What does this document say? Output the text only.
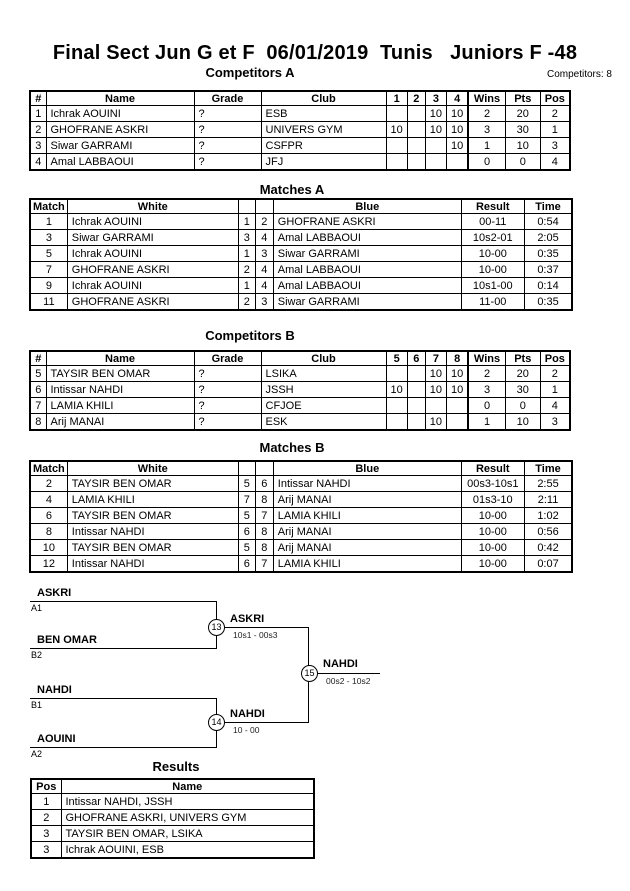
Final Sect Jun G et F  06/01/2019  Tunis   Juniors F -48
Competitors A	Competitors: 8
#	Name	Grade	Club	1	2	3	4	Wins	Pts	Pos
1	Ichrak AOUINI	?	ESB			10	10	2	20	2
2	GHOFRANE ASKRI	?	UNIVERS GYM	10		10	10	3	30	1
3	Siwar GARRAMI	?	CSFPR				10	1	10	3
4	Amal LABBAOUI	?	JFJ					0	0	4
Matches A
Match	White			Blue	Result	Time
1	Ichrak AOUINI	1	2	GHOFRANE ASKRI	00-11	0:54
3	Siwar GARRAMI	3	4	Amal LABBAOUI	10s2-01	2:05
5	Ichrak AOUINI	1	3	Siwar GARRAMI	10-00	0:35
7	GHOFRANE ASKRI	2	4	Amal LABBAOUI	10-00	0:37
9	Ichrak AOUINI	1	4	Amal LABBAOUI	10s1-00	0:14
11	GHOFRANE ASKRI	2	3	Siwar GARRAMI	11-00	0:35
Competitors B
#	Name	Grade	Club	5	6	7	8	Wins	Pts	Pos
5	TAYSIR BEN OMAR	?	LSIKA			10	10	2	20	2
6	Intissar NAHDI	?	JSSH	10		10	10	3	30	1
7	LAMIA KHILI	?	CFJOE					0	0	4
8	Arij MANAI	?	ESK			10		1	10	3
Matches B
Match	White			Blue	Result	Time
2	TAYSIR BEN OMAR	5	6	Intissar NAHDI	00s3-10s1	2:55
4	LAMIA KHILI	7	8	Arij MANAI	01s3-10	2:11
6	TAYSIR BEN OMAR	5	7	LAMIA KHILI	10-00	1:02
8	Intissar NAHDI	6	8	Arij MANAI	10-00	0:56
10	TAYSIR BEN OMAR	5	8	Arij MANAI	10-00	0:42
12	Intissar NAHDI	6	7	LAMIA KHILI	10-00	0:07
ASKRI
A1
BEN OMAR
B2
NAHDI
B1
AOUINI
A2
13
14
15
ASKRI
10s1 - 00s3
NAHDI
10 - 00
NAHDI
00s2 - 10s2
Results
Pos	Name
1	Intissar NAHDI, JSSH
2	GHOFRANE ASKRI, UNIVERS GYM
3	TAYSIR BEN OMAR, LSIKA
3	Ichrak AOUINI, ESB
